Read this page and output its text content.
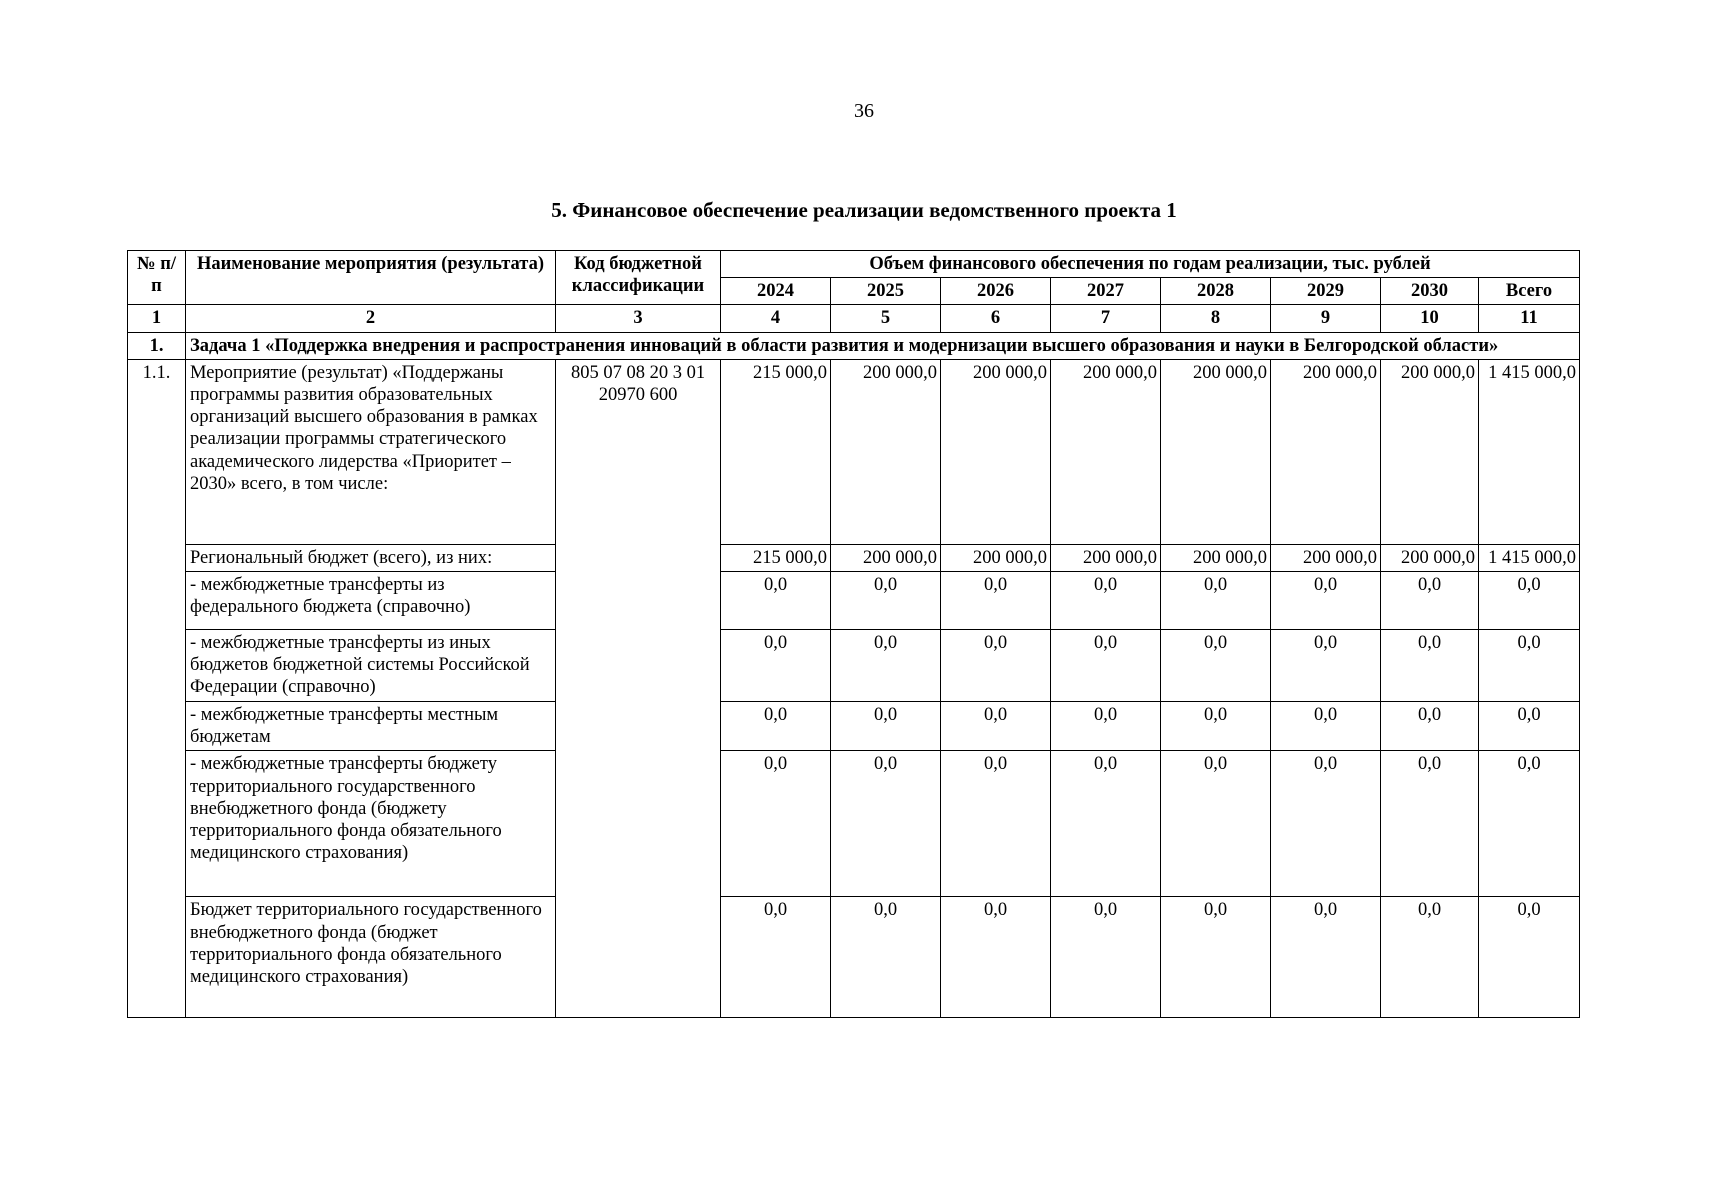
36
5. Финансовое обеспечение реализации ведомственного проекта 1
№ п/п	Наименование мероприятия (результата)	Код бюджетной классификации	Объем финансового обеспечения по годам реализации, тыс. рублей							
			2024	2025	2026	2027	2028	2029	2030	Всего
1	2	3	4	5	6	7	8	9	10	11
1.	Задача 1 «Поддержка внедрения и распространения инноваций в области развития и модернизации высшего образования и науки в Белгородской области»									
1.1.	Мероприятие (результат) «Поддержаны программы развития образовательных организаций высшего образования в рамках реализации программы стратегического академического лидерства «Приоритет – 2030» всего, в том числе:	805 07 08 20 3 01 20970 600	215 000,0	200 000,0	200 000,0	200 000,0	200 000,0	200 000,0	200 000,0	1 415 000,0
	Региональный бюджет (всего), из них:		215 000,0	200 000,0	200 000,0	200 000,0	200 000,0	200 000,0	200 000,0	1 415 000,0
	- межбюджетные трансферты из федерального бюджета (справочно)		0,0	0,0	0,0	0,0	0,0	0,0	0,0	0,0
	- межбюджетные трансферты из иных бюджетов бюджетной системы Российской Федерации (справочно)		0,0	0,0	0,0	0,0	0,0	0,0	0,0	0,0
	- межбюджетные трансферты местным бюджетам		0,0	0,0	0,0	0,0	0,0	0,0	0,0	0,0
	- межбюджетные трансферты бюджету территориального государственного внебюджетного фонда (бюджету территориального фонда обязательного медицинского страхования)		0,0	0,0	0,0	0,0	0,0	0,0	0,0	0,0
	Бюджет территориального государственного внебюджетного фонда (бюджет территориального фонда обязательного медицинского страхования)		0,0	0,0	0,0	0,0	0,0	0,0	0,0	0,0
